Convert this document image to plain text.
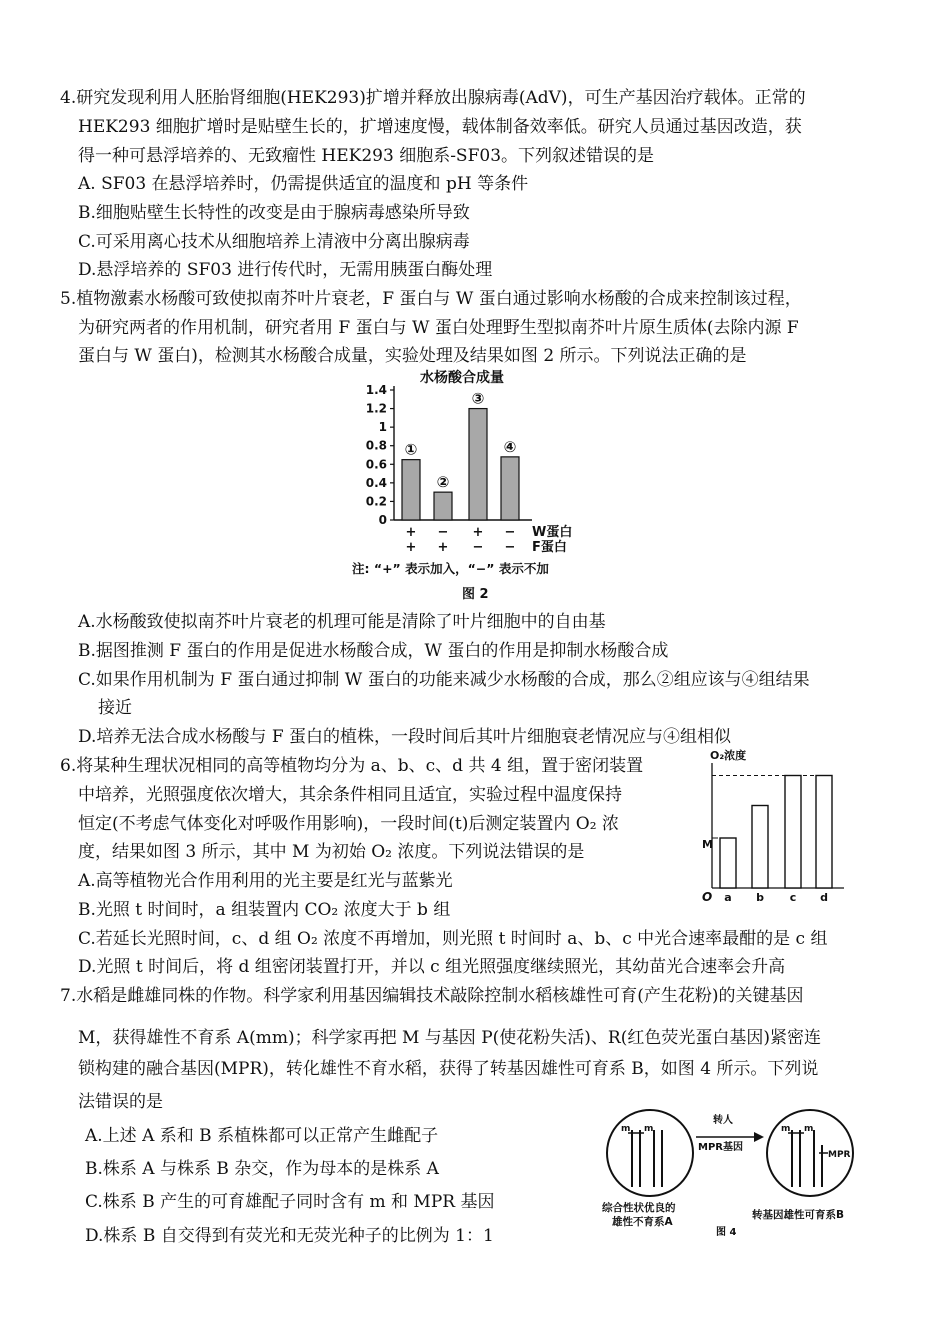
4.研究发现利用人胚胎肾细胞(HEK293)扩增并释放出腺病毒(AdV)，可生产基因治疗载体。正常的
HEK293 细胞扩增时是贴壁生长的，扩增速度慢，载体制备效率低。研究人员通过基因改造，获
得一种可悬浮培养的、无致瘤性 HEK293 细胞系-SF03。下列叙述错误的是
A. SF03 在悬浮培养时，仍需提供适宜的温度和 pH 等条件
B.细胞贴壁生长特性的改变是由于腺病毒感染所导致
C.可采用离心技术从细胞培养上清液中分离出腺病毒
D.悬浮培养的 SF03 进行传代时，无需用胰蛋白酶处理
5.植物激素水杨酸可致使拟南芥叶片衰老，F 蛋白与 W 蛋白通过影响水杨酸的合成来控制该过程，
为研究两者的作用机制，研究者用 F 蛋白与 W 蛋白处理野生型拟南芥叶片原生质体(去除内源 F
蛋白与 W 蛋白)，检测其水杨酸合成量，实验处理及结果如图 2 所示。下列说法正确的是
水杨酸合成量
0
0.2
0.4
0.6
0.8
1
1.2
1.4
①
②
③
④
+ − + − W蛋白
+ + − − F蛋白
注: “+” 表示加入，“−” 表示不加
图 2
A.水杨酸致使拟南芥叶片衰老的机理可能是清除了叶片细胞中的自由基
B.据图推测 F 蛋白的作用是促进水杨酸合成，W 蛋白的作用是抑制水杨酸合成
C.如果作用机制为 F 蛋白通过抑制 W 蛋白的功能来减少水杨酸的合成，那么②组应该与④组结果
接近
D.培养无法合成水杨酸与 F 蛋白的植株，一段时间后其叶片细胞衰老情况应与④组相似
6.将某种生理状况相同的高等植物均分为 a、b、c、d 共 4 组，置于密闭装置
中培养，光照强度依次增大，其余条件相同且适宜，实验过程中温度保持
恒定(不考虑气体变化对呼吸作用影响)，一段时间(t)后测定装置内 O₂ 浓
度，结果如图 3 所示，其中 M 为初始 O₂ 浓度。下列说法错误的是
A.高等植物光合作用利用的光主要是红光与蓝紫光
B.光照 t 时间时，a 组装置内 CO₂ 浓度大于 b 组
C.若延长光照时间，c、d 组 O₂ 浓度不再增加，则光照 t 时间时 a、b、c 中光合速率最酣的是 c 组
D.光照 t 时间后，将 d 组密闭装置打开，并以 c 组光照强度继续照光，其幼苗光合速率会升高
O₂浓度
O
M
a b c d
7.水稻是雌雄同株的作物。科学家利用基因编辑技术敲除控制水稻核雄性可育(产生花粉)的关键基因
M，获得雄性不育系 A(mm)；科学家再把 M 与基因 P(使花粉失活)、R(红色荧光蛋白基因)紧密连
锁构建的融合基因(MPR)，转化雄性不育水稻，获得了转基因雄性可育系 B，如图 4 所示。下列说
法错误的是
A.上述 A 系和 B 系植株都可以正常产生雌配子
B.株系 A 与株系 B 杂交，作为母本的是株系 A
C.株系 B 产生的可育雄配子同时含有 m 和 MPR 基因
D.株系 B 自交得到有荧光和无荧光种子的比例为 1：1
m m
转人
MPR基因
m m
MPR
综合性状优良的
雄性不育系A
转基因雄性可育系B
图 4
